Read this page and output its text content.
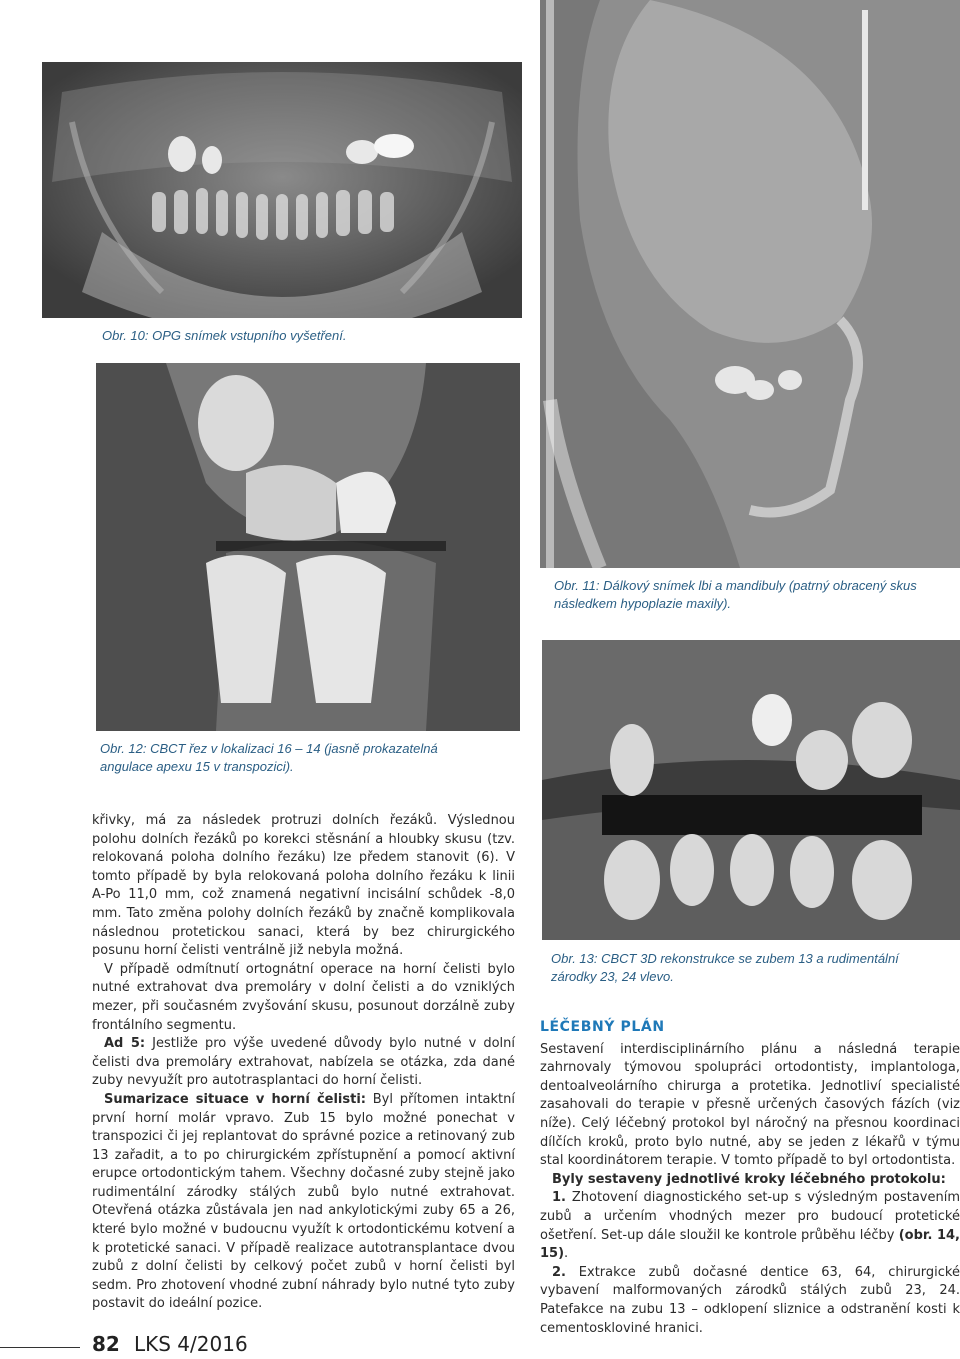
Obr. 10: OPG snímek vstupního vyšetření.

Obr. 11: Dálkový snímek lbi a mandibuly (patrný obracený skus
následkem hypoplazie maxily).

Obr. 12: CBCT řez v lokalizaci 16 – 14 (jasně prokazatelná
angulace apexu 15 v transpozici).

Obr. 13: CBCT 3D rekonstrukce se zubem 13 a rudimentální
zárodky 23, 24 vlevo.

křivky, má za následek protruzi dolních řezáků. Výslednou polohu dolních řezáků po korekci stěsnání a hloubky skusu (tzv. relokovaná poloha dolního řezáku) lze předem stanovit (6). V tomto případě by byla relokovaná poloha dolního řezáku k linii A-Po 11,0 mm, což znamená negativní incisální schůdek -8,0 mm. Tato změna polohy dolních řezáků by značně komplikovala následnou protetickou sanaci, která by bez chirurgického posunu horní čelisti ventrálně již nebyla možná.

V případě odmítnutí ortognátní operace na horní čelisti bylo nutné extrahovat dva premoláry v dolní čelisti a do vzniklých mezer, při současném zvyšování skusu, posunout dorzálně zuby frontálního segmentu.

Ad 5: Jestliže pro výše uvedené důvody bylo nutné v dolní čelisti dva premoláry extrahovat, nabízela se otázka, zda dané zuby nevyužít pro autotrasplantaci do horní čelisti.

Sumarizace situace v horní čelisti: Byl přítomen intaktní první horní molár vpravo. Zub 15 bylo možné ponechat v transpozici či jej replantovat do správné pozice a retinovaný zub 13 zařadit, a to po chirurgickém zpřístupnění a pomocí aktivní erupce ortodontickým tahem. Všechny dočasné zuby stejně jako rudimentální zárodky stálých zubů bylo nutné extrahovat. Otevřená otázka zůstávala jen nad ankylotickými zuby 65 a 26, které bylo možné v budoucnu využít k ortodontickému kotvení a k protetické sanaci. V případě realizace autotransplantace dvou zubů z dolní čelisti by celkový počet zubů v horní čelisti byl sedm. Pro zhotovení vhodné zubní náhrady bylo nutné tyto zuby postavit do ideální pozice.

LÉČEBNÝ PLÁN

Sestavení interdisciplinárního plánu a následná terapie zahrnovaly týmovou spolupráci ortodontisty, implantologa, dentoalveolárního chirurga a protetika. Jednotliví specialisté zasahovali do terapie v přesně určených časových fázích (viz níže). Celý léčebný protokol byl náročný na přesnou koordinaci dílčích kroků, proto bylo nutné, aby se jeden z lékařů v týmu stal koordinátorem terapie. V tomto případě to byl ortodontista.

Byly sestaveny jednotlivé kroky léčebného protokolu:

1. Zhotovení diagnostického set-up s výsledným postavením zubů a určením vhodných mezer pro budoucí protetické ošetření. Set-up dále sloužil ke kontrole průběhu léčby (obr. 14, 15).

2. Extrakce zubů dočasné dentice 63, 64, chirurgické vybavení malformovaných zárodků stálých zubů 23, 24. Patefakce na zubu 13 – odklopení sliznice a odstranění kosti k cementoskloviné hranici.

82 LKS 4/2016
